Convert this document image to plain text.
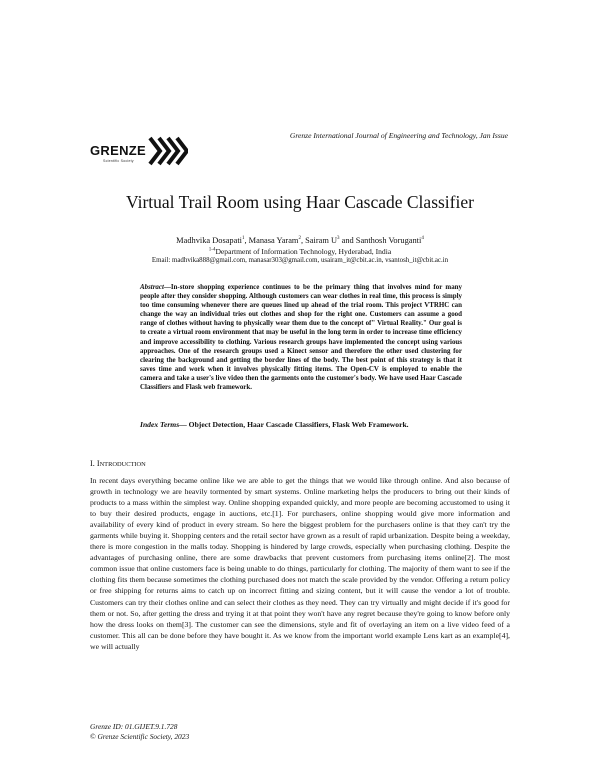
Grenze International Journal of Engineering and Technology, Jan Issue
GRENZE
Scientific Society
Virtual Trail Room using Haar Cascade Classifier
Madhvika Dosapati$^1$, Manasa Yaram$^2$, Sairam $U^3$ and Santhosh Voruganti$^4$
$^{1-4}$Department of Information Technology, Hyderabad, India
Email: madhvika888@gmail.com, manasar303@gmail.com, usairam_it@cbit.ac.in, vsantosh_it@cbit.ac.in
Abstract—In-store shopping experience continues to be the primary thing that involves mind for many people after they consider shopping. Although customers can wear clothes in real time, this process is simply too time consuming whenever there are queues lined up ahead of the trial room. This project VTRHC can change the way an individual tries out clothes and shop for the right one. Customers can assume a good range of clothes without having to physically wear them due to the concept of" Virtual Reality." Our goal is to create a virtual room environment that may be useful in the long term in order to increase time efficiency and improve accessibility to clothing. Various research groups have implemented the concept using various approaches. One of the research groups used a Kinect sensor and therefore the other used clustering for clearing the background and getting the border lines of the body. The best point of this strategy is that it saves time and work when it involves physically fitting items. The Open-CV is employed to enable the camera and take a user's live video then the garments onto the customer's body. We have used Haar Cascade Classifiers and Flask web framework.
Index Terms— Object Detection, Haar Cascade Classifiers, Flask Web Framework.
I. INTRODUCTION
In recent days everything became online like we are able to get the things that we would like through online. And also because of growth in technology we are heavily tormented by smart systems. Online marketing helps the producers to bring out their kinds of products to a mass within the simplest way. Online shopping expanded quickly, and more people are becoming accustomed to using it to buy their desired products, engage in auctions, etc.[1]. For purchasers, online shopping would give more information and availability of every kind of product in every stream. So here the biggest problem for the purchasers online is that they can't try the garments while buying it. Shopping centers and the retail sector have grown as a result of rapid urbanization. Despite being a weekday, there is more congestion in the malls today. Shopping is hindered by large crowds, especially when purchasing clothing. Despite the advantages of purchasing online, there are some drawbacks that prevent customers from purchasing items online[2]. The most common issue that online customers face is being unable to do things, particularly for clothing. The majority of them want to see if the clothing fits them because sometimes the clothing purchased does not match the scale provided by the vendor. Offering a return policy or free shipping for returns aims to catch up on incorrect fitting and sizing content, but it will cause the vendor a lot of trouble. Customers can try their clothes online and can select their clothes as they need. They can try virtually and might decide if it's good for them or not. So, after getting the dress and trying it at that point they won't have any regret because they're going to know before only how the dress looks on them[3]. The customer can see the dimensions, style and fit of overlaying an item on a live video feed of a customer. This all can be done before they have bought it. As we know from the important world example Lens kart as an example[4], we will actually
Grenze ID: 01.GIJET.9.1.728
© Grenze Scientific Society, 2023
